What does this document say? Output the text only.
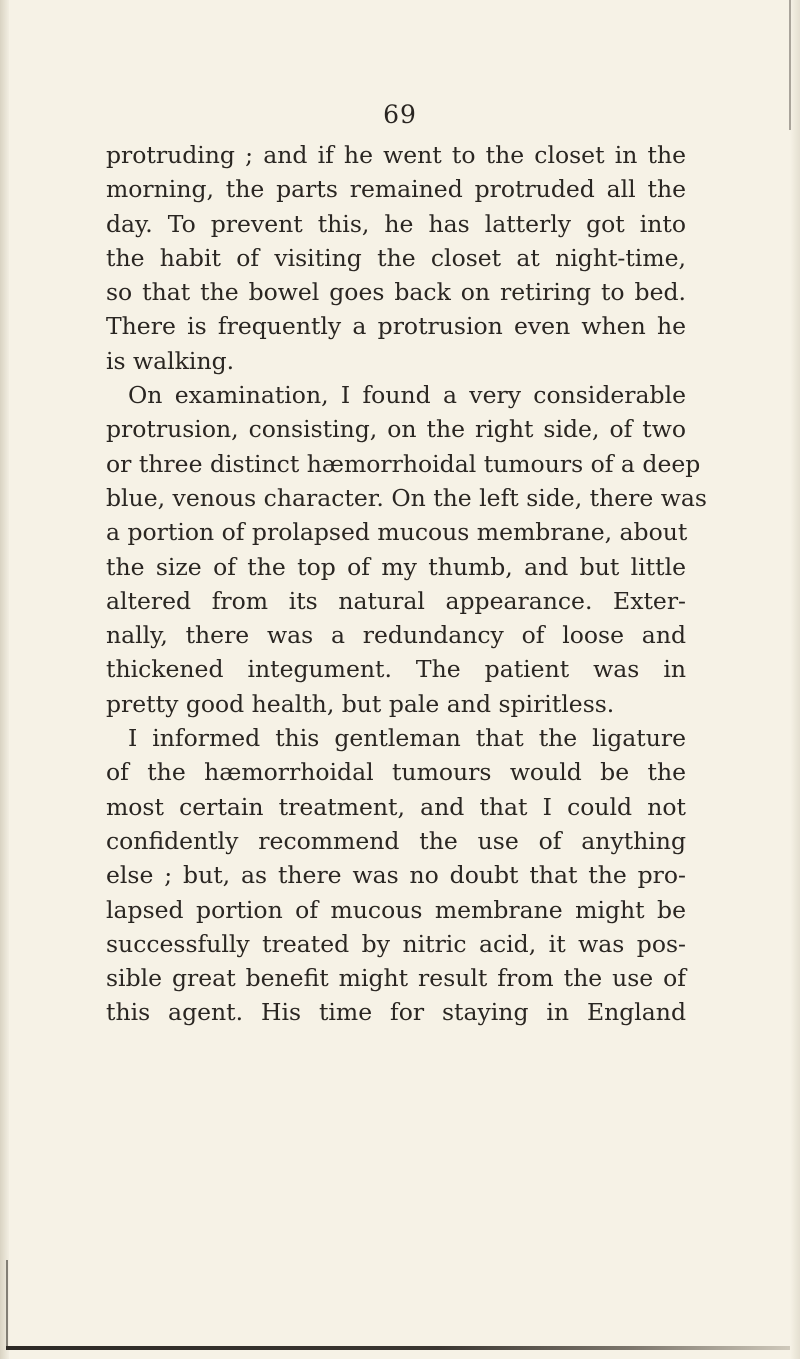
69
protruding ; and if he went to the closet in the
morning, the parts remained protruded all the
day. To prevent this, he has latterly got into
the habit of visiting the closet at night-time,
so that the bowel goes back on retiring to bed.
There is frequently a protrusion even when he
is walking.
On examination, I found a very considerable
protrusion, consisting, on the right side, of two
or three distinct hæmorrhoidal tumours of a deep
blue, venous character. On the left side, there was
a portion of prolapsed mucous membrane, about
the size of the top of my thumb, and but little
altered from its natural appearance. Exter-
nally, there was a redundancy of loose and
thickened integument. The patient was in
pretty good health, but pale and spiritless.
I informed this gentleman that the ligature
of the hæmorrhoidal tumours would be the
most certain treatment, and that I could not
confidently recommend the use of anything
else ; but, as there was no doubt that the pro-
lapsed portion of mucous membrane might be
successfully treated by nitric acid, it was pos-
sible great benefit might result from the use of
this agent. His time for staying in England
